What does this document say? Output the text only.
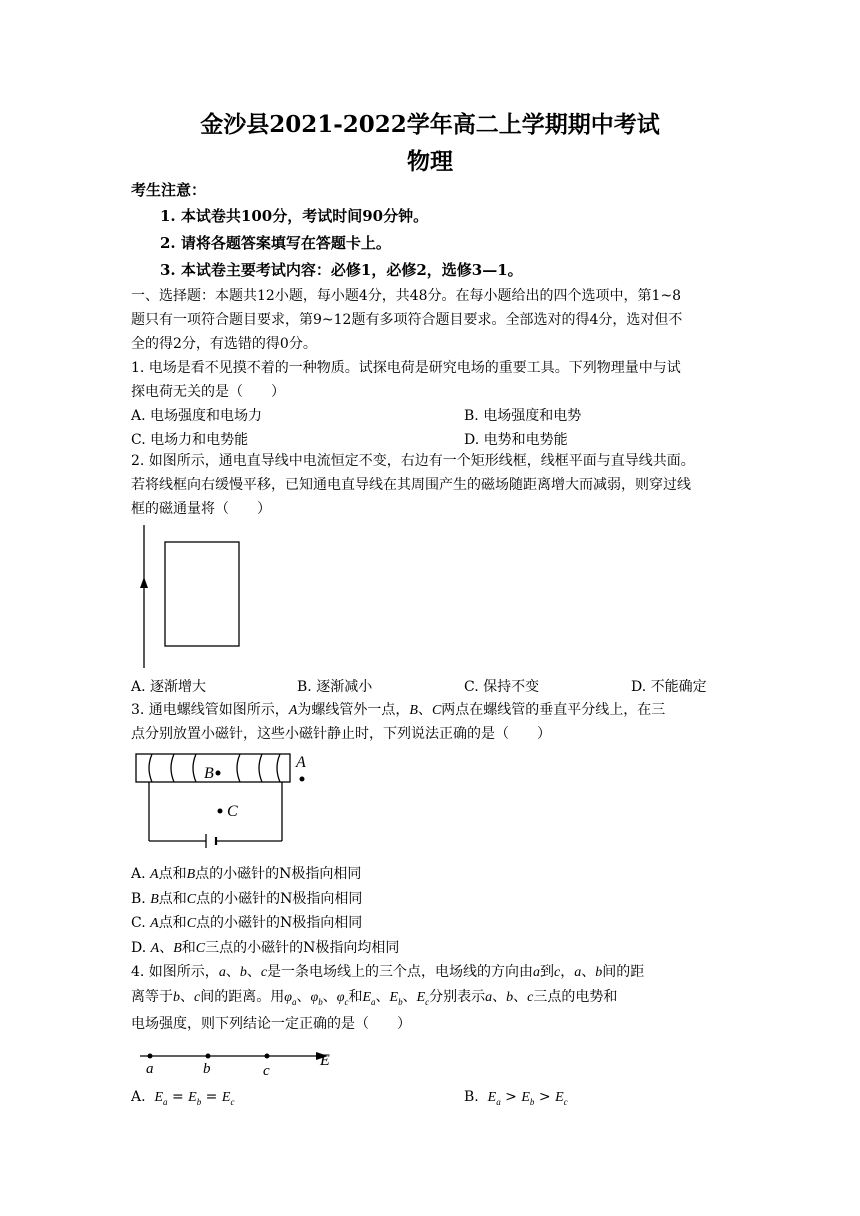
金沙县2021-2022学年高二上学期期中考试
物理
考生注意：
1. 本试卷共100分，考试时间90分钟。
2. 请将各题答案填写在答题卡上。
3. 本试卷主要考试内容：必修1，必修2，选修3—1。
一、选择题：本题共12小题，每小题4分，共48分。在每小题给出的四个选项中，第1~8
题只有一项符合题目要求，第9~12题有多项符合题目要求。全部选对的得4分，选对但不
全的得2分，有选错的得0分。
1. 电场是看不见摸不着的一种物质。试探电荷是研究电场的重要工具。下列物理量中与试
探电荷无关的是（　　）
A. 电场强度和电场力	B. 电场强度和电势
C. 电场力和电势能	D. 电势和电势能
2. 如图所示，通电直导线中电流恒定不变，右边有一个矩形线框，线框平面与直导线共面。
若将线框向右缓慢平移，已知通电直导线在其周围产生的磁场随距离增大而减弱，则穿过线
框的磁通量将（　　）
A. 逐渐增大	B. 逐渐减小	C. 保持不变	D. 不能确定
3. 通电螺线管如图所示，A为螺线管外一点，B、C两点在螺线管的垂直平分线上，在三
点分别放置小磁针，这些小磁针静止时，下列说法正确的是（　　）
B
C
A
A. A点和B点的小磁针的N极指向相同
B. B点和C点的小磁针的N极指向相同
C. A点和C点的小磁针的N极指向相同
D. A、B和C三点的小磁针的N极指向均相同
4. 如图所示，a、b、c是一条电场线上的三个点，电场线的方向由a到c，a、b间的距
离等于b、c间的距离。用$\varphi_a$、$\varphi_b$、$\varphi_c$和$E_a$、$E_b$、$E_c$分别表示a、b、c三点的电势和
电场强度，则下列结论一定正确的是（　　）
a	b	c
E
A. $E_a = E_b = E_c$	B. $E_a > E_b > E_c$
